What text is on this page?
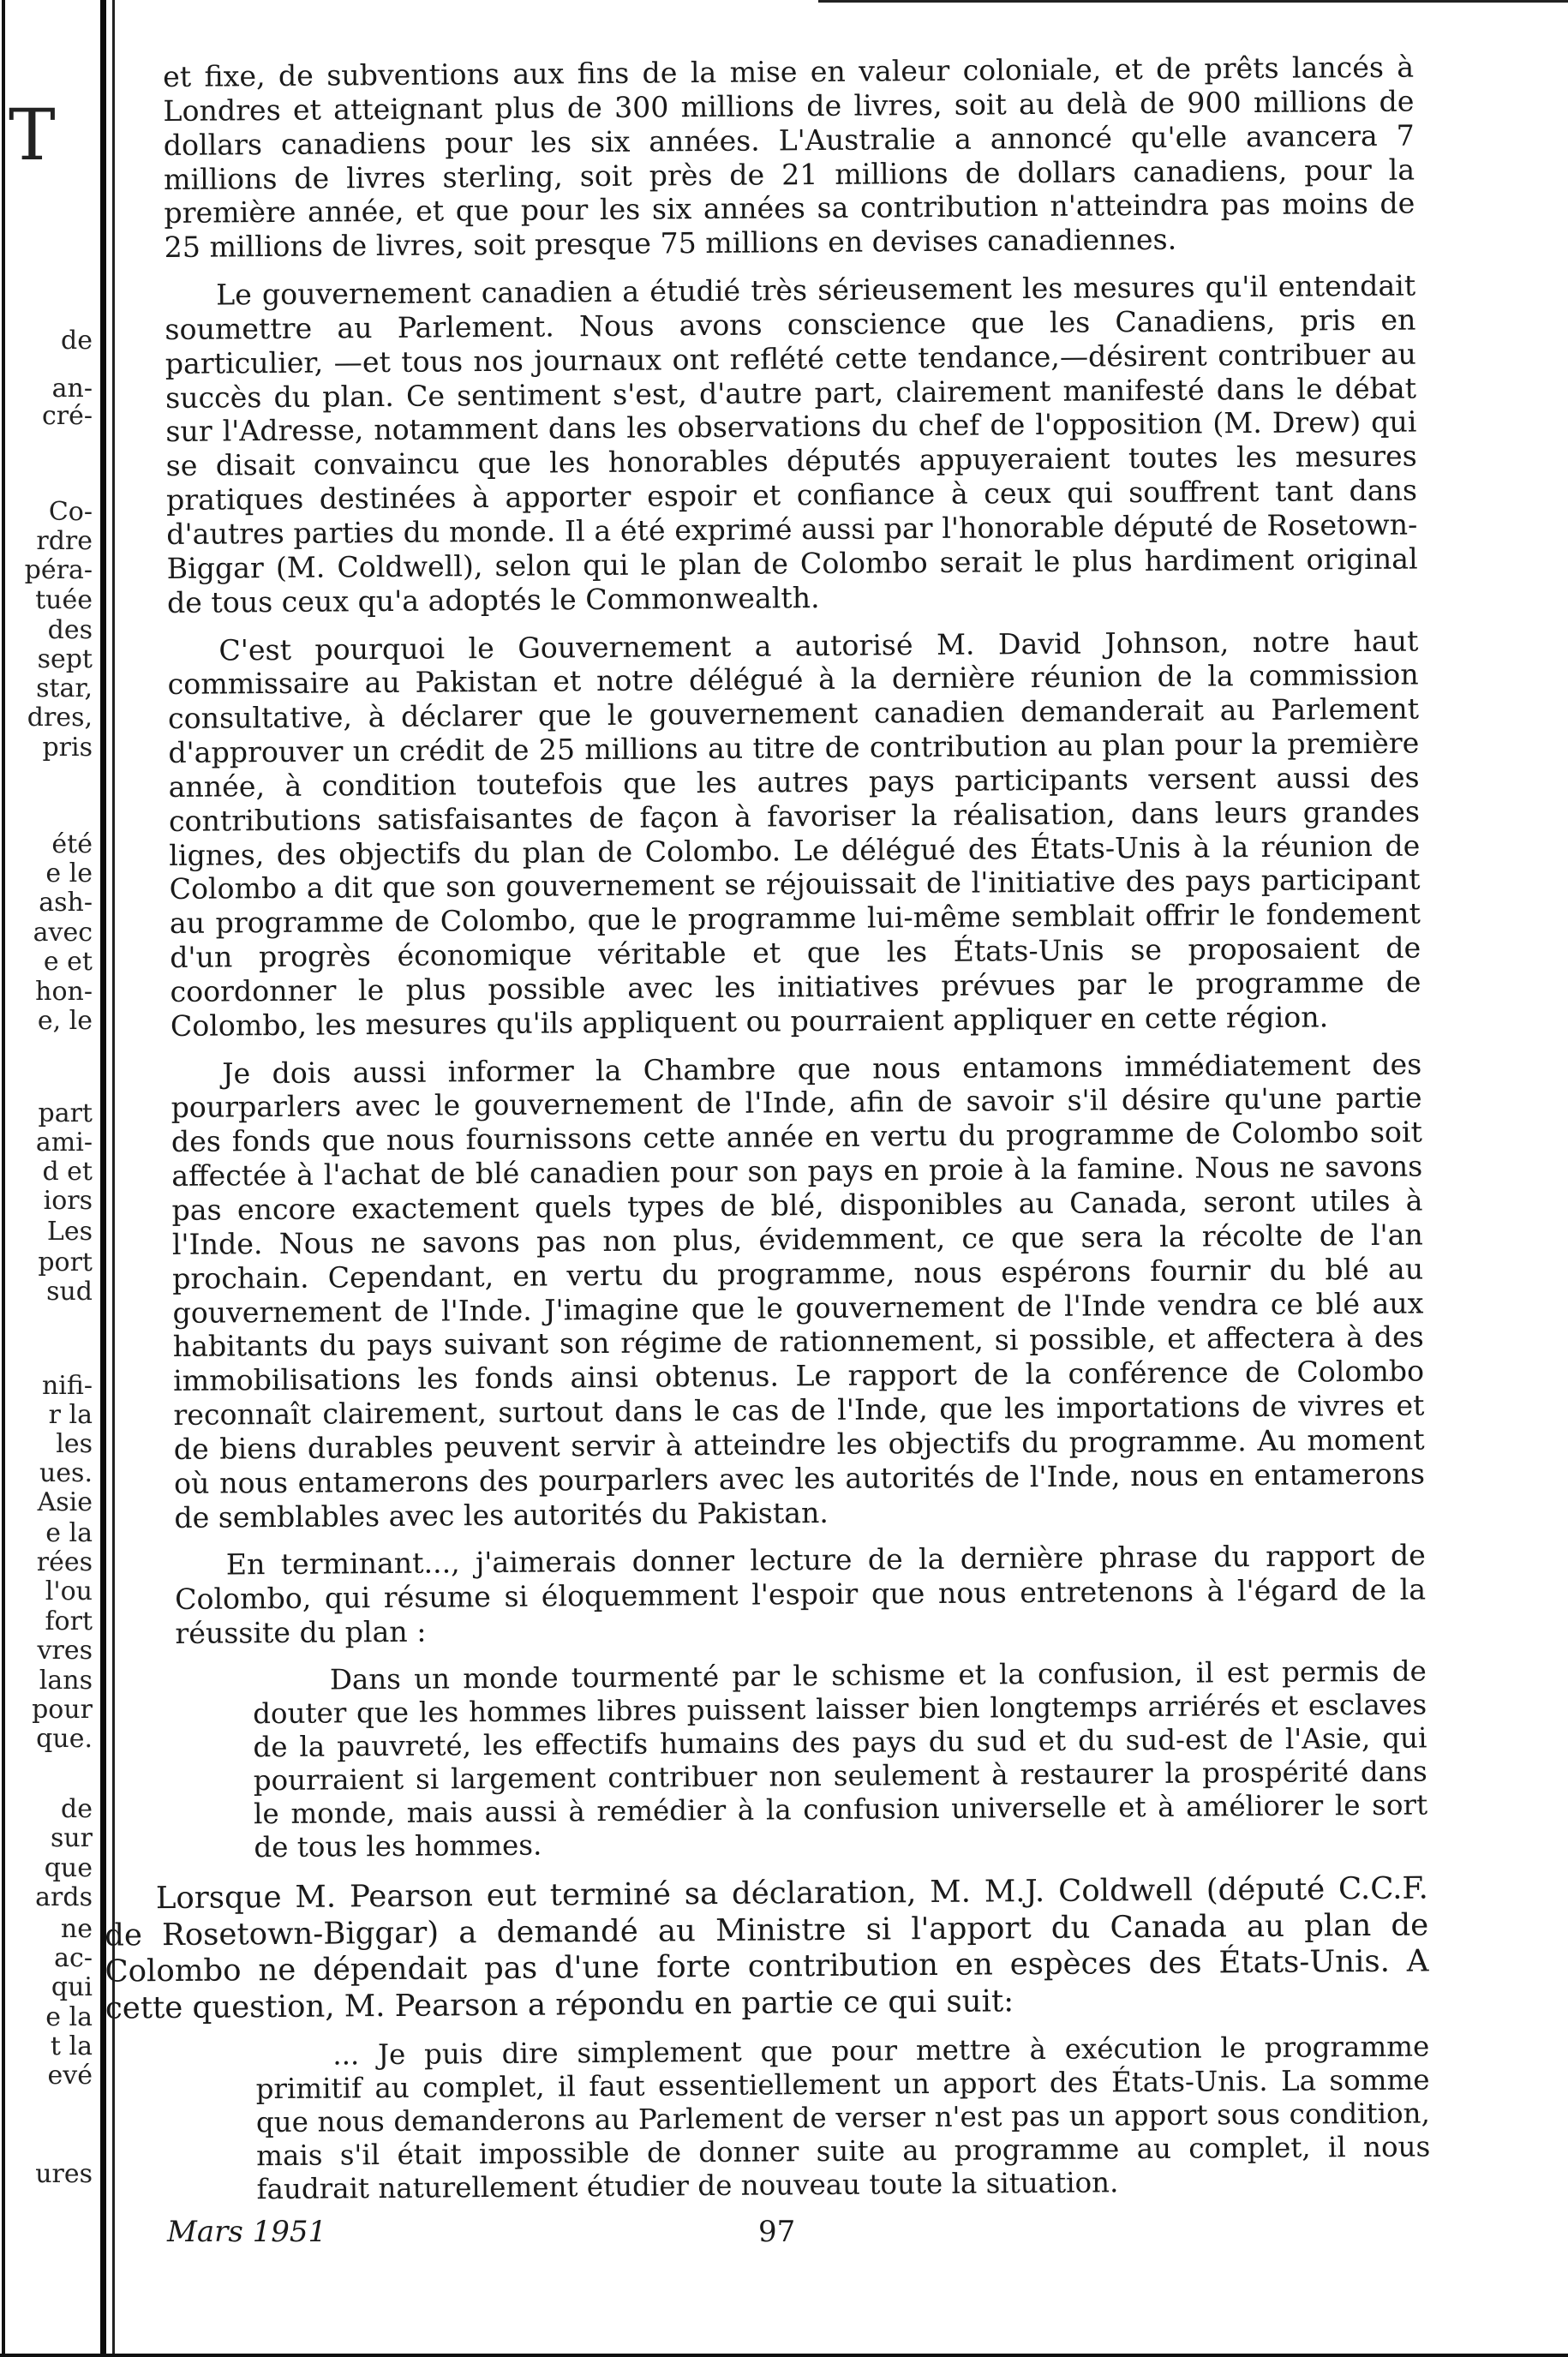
T
de
an-
cré-
Co-
rdre
péra-
tuée
des
sept
star,
dres,
pris
été
e le
ash-
avec
e et
hon-
e, le
part
ami-
d et
iors
Les
port
sud
nifi-
r la
les
ues.
Asie
e la
rées
l'ou
fort
vres
lans
pour
que.
de
sur
que
ards
ne
ac-
qui
e la
t la
evé
ures

et fixe, de subventions aux fins de la mise en valeur coloniale, et de prêts lancés à Londres et atteignant plus de 300 millions de livres, soit au delà de 900 millions de dollars canadiens pour les six années. L'Australie a annoncé qu'elle avancera 7 millions de livres sterling, soit près de 21 millions de dollars canadiens, pour la première année, et que pour les six années sa contribution n'atteindra pas moins de 25 millions de livres, soit presque 75 millions en devises canadiennes.

Le gouvernement canadien a étudié très sérieusement les mesures qu'il entendait soumettre au Parlement. Nous avons conscience que les Canadiens, pris en particulier, —et tous nos journaux ont reflété cette tendance,—désirent contribuer au succès du plan. Ce sentiment s'est, d'autre part, clairement manifesté dans le débat sur l'Adresse, notamment dans les observations du chef de l'opposition (M. Drew) qui se disait convaincu que les honorables députés appuyeraient toutes les mesures pratiques destinées à apporter espoir et confiance à ceux qui souffrent tant dans d'autres parties du monde. Il a été exprimé aussi par l'honorable député de Rosetown-Biggar (M. Coldwell), selon qui le plan de Colombo serait le plus hardiment original de tous ceux qu'a adoptés le Commonwealth.

C'est pourquoi le Gouvernement a autorisé M. David Johnson, notre haut commissaire au Pakistan et notre délégué à la dernière réunion de la commission consultative, à déclarer que le gouvernement canadien demanderait au Parlement d'approuver un crédit de 25 millions au titre de contribution au plan pour la première année, à condition toutefois que les autres pays participants versent aussi des contributions satisfaisantes de façon à favoriser la réalisation, dans leurs grandes lignes, des objectifs du plan de Colombo. Le délégué des États-Unis à la réunion de Colombo a dit que son gouvernement se réjouissait de l'initiative des pays participant au programme de Colombo, que le programme lui-même semblait offrir le fondement d'un progrès économique véritable et que les États-Unis se proposaient de coordonner le plus possible avec les initiatives prévues par le programme de Colombo, les mesures qu'ils appliquent ou pourraient appliquer en cette région.

Je dois aussi informer la Chambre que nous entamons immédiatement des pourparlers avec le gouvernement de l'Inde, afin de savoir s'il désire qu'une partie des fonds que nous fournissons cette année en vertu du programme de Colombo soit affectée à l'achat de blé canadien pour son pays en proie à la famine. Nous ne savons pas encore exactement quels types de blé, disponibles au Canada, seront utiles à l'Inde. Nous ne savons pas non plus, évidemment, ce que sera la récolte de l'an prochain. Cependant, en vertu du programme, nous espérons fournir du blé au gouvernement de l'Inde. J'imagine que le gouvernement de l'Inde vendra ce blé aux habitants du pays suivant son régime de rationnement, si possible, et affectera à des immobilisations les fonds ainsi obtenus. Le rapport de la conférence de Colombo reconnaît clairement, surtout dans le cas de l'Inde, que les importations de vivres et de biens durables peuvent servir à atteindre les objectifs du programme. Au moment où nous entamerons des pourparlers avec les autorités de l'Inde, nous en entamerons de semblables avec les autorités du Pakistan.

En terminant..., j'aimerais donner lecture de la dernière phrase du rapport de Colombo, qui résume si éloquemment l'espoir que nous entretenons à l'égard de la réussite du plan :

Dans un monde tourmenté par le schisme et la confusion, il est permis de douter que les hommes libres puissent laisser bien longtemps arriérés et esclaves de la pauvreté, les effectifs humains des pays du sud et du sud-est de l'Asie, qui pourraient si largement contribuer non seulement à restaurer la prospérité dans le monde, mais aussi à remédier à la confusion universelle et à améliorer le sort de tous les hommes.

Lorsque M. Pearson eut terminé sa déclaration, M. M.J. Coldwell (député C.C.F. de Rosetown-Biggar) a demandé au Ministre si l'apport du Canada au plan de Colombo ne dépendait pas d'une forte contribution en espèces des États-Unis. A cette question, M. Pearson a répondu en partie ce qui suit:

... Je puis dire simplement que pour mettre à exécution le programme primitif au complet, il faut essentiellement un apport des États-Unis. La somme que nous demanderons au Parlement de verser n'est pas un apport sous condition, mais s'il était impossible de donner suite au programme au complet, il nous faudrait naturellement étudier de nouveau toute la situation.

Mars 1951	97
